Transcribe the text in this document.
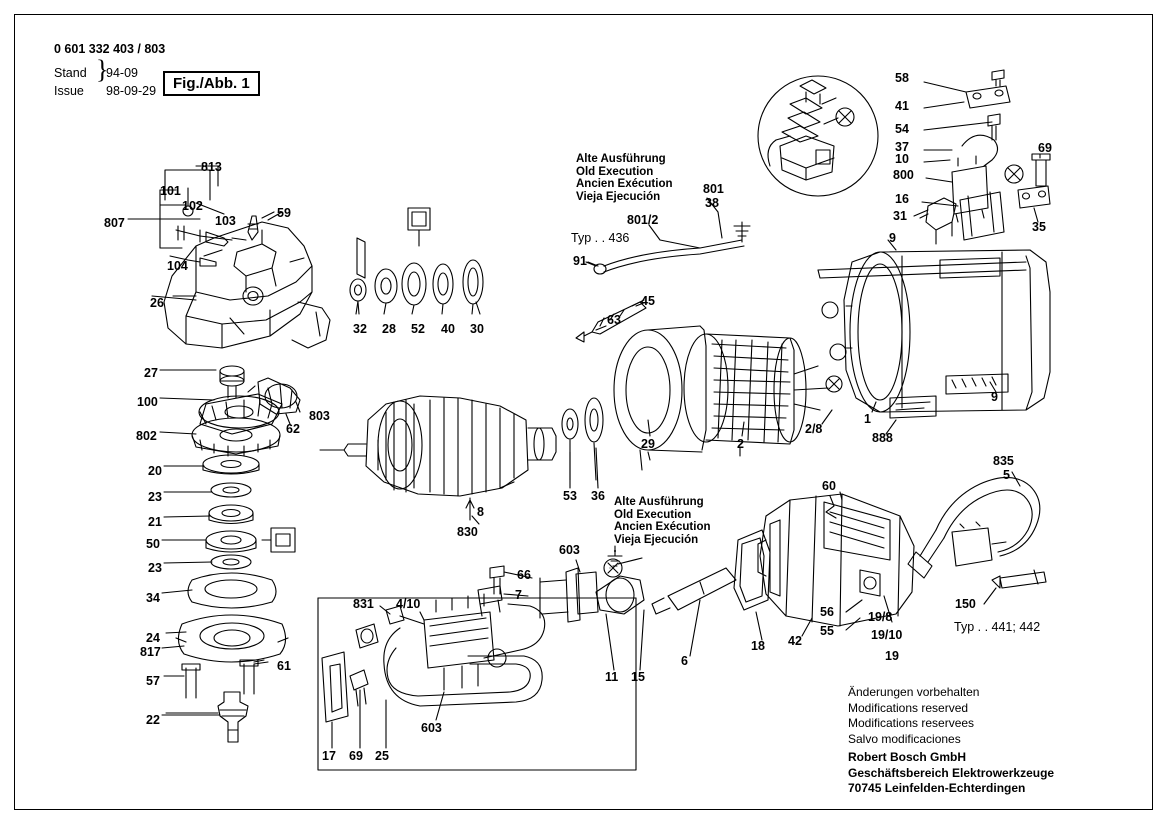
0 601 332 403 / 803
Stand
Issue
}
94-09
98-09-29	Fig./Abb. 1
807
813
101
102
103
104
26
59
32 28 52 40 30
27
100
802	62
803
20
23
21
50
23
34
24
817
57
61
22
830
8
53 36
29	2
63
45
91
801/2
801
38
9
1
2/8
888
9
58
41
54
37
10
800
16
31
69
35
835
5
60
150
56
55
19/8
19/10
19
42
18
6
15
11
603
603
66
7
831 4/10
17 69 25
Alte Ausführung
Old Execution
Ancien Exécution
Vieja Ejecución
Typ . . 436
Alte Ausführung
Old Execution
Ancien Exécution
Vieja Ejecución
Typ . . 441; 442
Änderungen vorbehalten
Modifications reserved
Modifications reservees
Salvo modificaciones
Robert Bosch GmbH
Geschäftsbereich Elektrowerkzeuge
70745 Leinfelden-Echterdingen
